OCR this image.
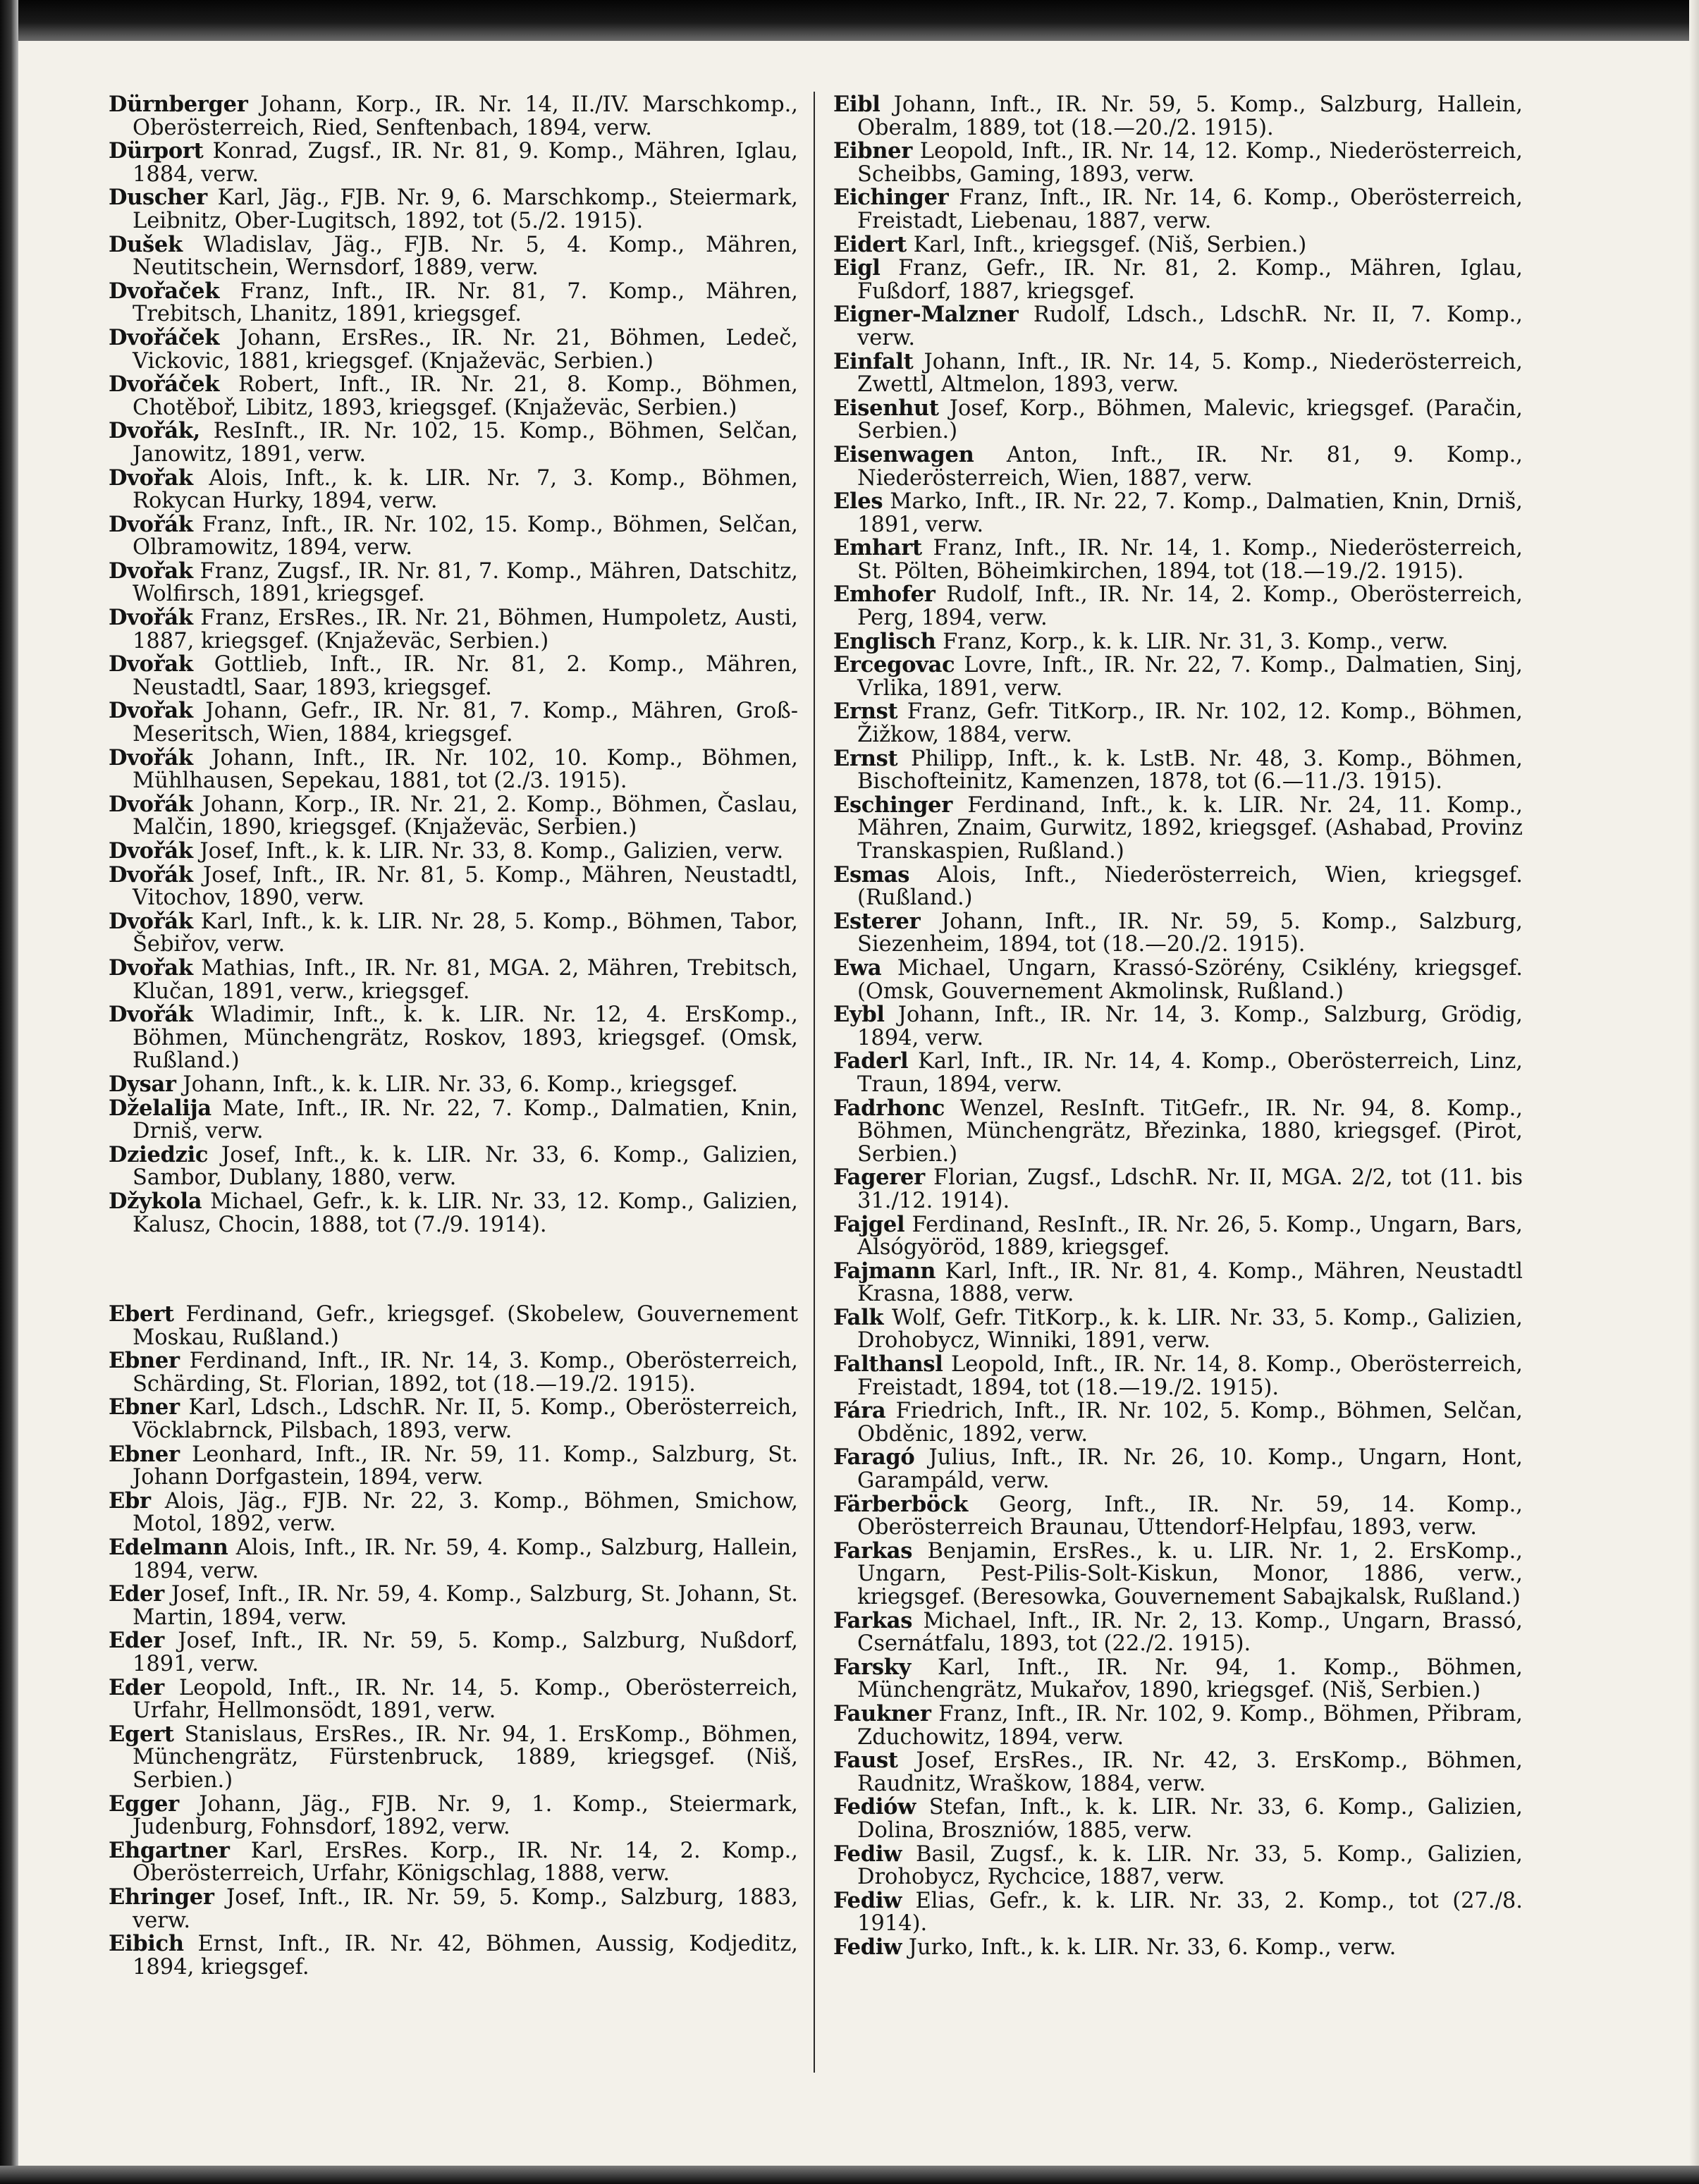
Dürnberger Johann, Korp., IR. Nr. 14, II./IV. Marschkomp., Oberösterreich, Ried, Senftenbach, 1894, verw.
Dürport Konrad, Zugsf., IR. Nr. 81, 9. Komp., Mähren, Iglau, 1884, verw.
Duscher Karl, Jäg., FJB. Nr. 9, 6. Marschkomp., Steiermark, Leibnitz, Ober-Lugitsch, 1892, tot (5./2. 1915).
Dušek Wladislav, Jäg., FJB. Nr. 5, 4. Komp., Mähren, Neutitschein, Wernsdorf, 1889, verw.
Dvořaček Franz, Inft., IR. Nr. 81, 7. Komp., Mähren, Trebitsch, Lhanitz, 1891, kriegsgef.
Dvořáček Johann, ErsRes., IR. Nr. 21, Böhmen, Ledeč, Vickovic, 1881, kriegsgef. (Knjaževäc, Serbien.)
Dvořáček Robert, Inft., IR. Nr. 21, 8. Komp., Böhmen, Chotěboř, Libitz, 1893, kriegsgef. (Knjaževäc, Serbien.)
Dvořák, ResInft., IR. Nr. 102, 15. Komp., Böhmen, Selčan, Janowitz, 1891, verw.
Dvořak Alois, Inft., k. k. LIR. Nr. 7, 3. Komp., Böhmen, Rokycan Hurky, 1894, verw.
Dvořák Franz, Inft., IR. Nr. 102, 15. Komp., Böhmen, Selčan, Olbramowitz, 1894, verw.
Dvořak Franz, Zugsf., IR. Nr. 81, 7. Komp., Mähren, Datschitz, Wolfirsch, 1891, kriegsgef.
Dvořák Franz, ErsRes., IR. Nr. 21, Böhmen, Humpoletz, Austi, 1887, kriegsgef. (Knjaževäc, Serbien.)
Dvořak Gottlieb, Inft., IR. Nr. 81, 2. Komp., Mähren, Neustadtl, Saar, 1893, kriegsgef.
Dvořak Johann, Gefr., IR. Nr. 81, 7. Komp., Mähren, Groß-Meseritsch, Wien, 1884, kriegsgef.
Dvořák Johann, Inft., IR. Nr. 102, 10. Komp., Böhmen, Mühlhausen, Sepekau, 1881, tot (2./3. 1915).
Dvořák Johann, Korp., IR. Nr. 21, 2. Komp., Böhmen, Časlau, Malčin, 1890, kriegsgef. (Knjaževäc, Serbien.)
Dvořák Josef, Inft., k. k. LIR. Nr. 33, 8. Komp., Galizien, verw.
Dvořák Josef, Inft., IR. Nr. 81, 5. Komp., Mähren, Neustadtl, Vitochov, 1890, verw.
Dvořák Karl, Inft., k. k. LIR. Nr. 28, 5. Komp., Böhmen, Tabor, Šebiřov, verw.
Dvořak Mathias, Inft., IR. Nr. 81, MGA. 2, Mähren, Trebitsch, Klučan, 1891, verw., kriegsgef.
Dvořák Wladimir, Inft., k. k. LIR. Nr. 12, 4. ErsKomp., Böhmen, Münchengrätz, Roskov, 1893, kriegsgef. (Omsk, Rußland.)
Dysar Johann, Inft., k. k. LIR. Nr. 33, 6. Komp., kriegsgef.
Dželalija Mate, Inft., IR. Nr. 22, 7. Komp., Dalmatien, Knin, Drniš, verw.
Dziedzic Josef, Inft., k. k. LIR. Nr. 33, 6. Komp., Galizien, Sambor, Dublany, 1880, verw.
Džykola Michael, Gefr., k. k. LIR. Nr. 33, 12. Komp., Galizien, Kalusz, Chocin, 1888, tot (7./9. 1914).
Ebert Ferdinand, Gefr., kriegsgef. (Skobelew, Gouvernement Moskau, Rußland.)
Ebner Ferdinand, Inft., IR. Nr. 14, 3. Komp., Oberösterreich, Schärding, St. Florian, 1892, tot (18.—19./2. 1915).
Ebner Karl, Ldsch., LdschR. Nr. II, 5. Komp., Oberösterreich, Vöcklabrnck, Pilsbach, 1893, verw.
Ebner Leonhard, Inft., IR. Nr. 59, 11. Komp., Salzburg, St. Johann Dorfgastein, 1894, verw.
Ebr Alois, Jäg., FJB. Nr. 22, 3. Komp., Böhmen, Smichow, Motol, 1892, verw.
Edelmann Alois, Inft., IR. Nr. 59, 4. Komp., Salzburg, Hallein, 1894, verw.
Eder Josef, Inft., IR. Nr. 59, 4. Komp., Salzburg, St. Johann, St. Martin, 1894, verw.
Eder Josef, Inft., IR. Nr. 59, 5. Komp., Salzburg, Nußdorf, 1891, verw.
Eder Leopold, Inft., IR. Nr. 14, 5. Komp., Oberösterreich, Urfahr, Hellmonsödt, 1891, verw.
Egert Stanislaus, ErsRes., IR. Nr. 94, 1. ErsKomp., Böhmen, Münchengrätz, Fürstenbruck, 1889, kriegsgef. (Niš, Serbien.)
Egger Johann, Jäg., FJB. Nr. 9, 1. Komp., Steiermark, Judenburg, Fohnsdorf, 1892, verw.
Ehgartner Karl, ErsRes. Korp., IR. Nr. 14, 2. Komp., Oberösterreich, Urfahr, Königschlag, 1888, verw.
Ehringer Josef, Inft., IR. Nr. 59, 5. Komp., Salzburg, 1883, verw.
Eibich Ernst, Inft., IR. Nr. 42, Böhmen, Aussig, Kodjeditz, 1894, kriegsgef.
Eibl Johann, Inft., IR. Nr. 59, 5. Komp., Salzburg, Hallein, Oberalm, 1889, tot (18.—20./2. 1915).
Eibner Leopold, Inft., IR. Nr. 14, 12. Komp., Niederösterreich, Scheibbs, Gaming, 1893, verw.
Eichinger Franz, Inft., IR. Nr. 14, 6. Komp., Oberösterreich, Freistadt, Liebenau, 1887, verw.
Eidert Karl, Inft., kriegsgef. (Niš, Serbien.)
Eigl Franz, Gefr., IR. Nr. 81, 2. Komp., Mähren, Iglau, Fußdorf, 1887, kriegsgef.
Eigner-Malzner Rudolf, Ldsch., LdschR. Nr. II, 7. Komp., verw.
Einfalt Johann, Inft., IR. Nr. 14, 5. Komp., Niederösterreich, Zwettl, Altmelon, 1893, verw.
Eisenhut Josef, Korp., Böhmen, Malevic, kriegsgef. (Paračin, Serbien.)
Eisenwagen Anton, Inft., IR. Nr. 81, 9. Komp., Niederösterreich, Wien, 1887, verw.
Eles Marko, Inft., IR. Nr. 22, 7. Komp., Dalmatien, Knin, Drniš, 1891, verw.
Emhart Franz, Inft., IR. Nr. 14, 1. Komp., Niederösterreich, St. Pölten, Böheimkirchen, 1894, tot (18.—19./2. 1915).
Emhofer Rudolf, Inft., IR. Nr. 14, 2. Komp., Oberösterreich, Perg, 1894, verw.
Englisch Franz, Korp., k. k. LIR. Nr. 31, 3. Komp., verw.
Ercegovac Lovre, Inft., IR. Nr. 22, 7. Komp., Dalmatien, Sinj, Vrlika, 1891, verw.
Ernst Franz, Gefr. TitKorp., IR. Nr. 102, 12. Komp., Böhmen, Žižkow, 1884, verw.
Ernst Philipp, Inft., k. k. LstB. Nr. 48, 3. Komp., Böhmen, Bischofteinitz, Kamenzen, 1878, tot (6.—11./3. 1915).
Eschinger Ferdinand, Inft., k. k. LIR. Nr. 24, 11. Komp., Mähren, Znaim, Gurwitz, 1892, kriegsgef. (Ashabad, Provinz Transkaspien, Rußland.)
Esmas Alois, Inft., Niederösterreich, Wien, kriegsgef. (Rußland.)
Esterer Johann, Inft., IR. Nr. 59, 5. Komp., Salzburg, Siezenheim, 1894, tot (18.—20./2. 1915).
Ewa Michael, Ungarn, Krassó-Szörény, Csiklény, kriegsgef. (Omsk, Gouvernement Akmolinsk, Rußland.)
Eybl Johann, Inft., IR. Nr. 14, 3. Komp., Salzburg, Grödig, 1894, verw.
Faderl Karl, Inft., IR. Nr. 14, 4. Komp., Oberösterreich, Linz, Traun, 1894, verw.
Fadrhonc Wenzel, ResInft. TitGefr., IR. Nr. 94, 8. Komp., Böhmen, Münchengrätz, Březinka, 1880, kriegsgef. (Pirot, Serbien.)
Fagerer Florian, Zugsf., LdschR. Nr. II, MGA. 2/2, tot (11. bis 31./12. 1914).
Fajgel Ferdinand, ResInft., IR. Nr. 26, 5. Komp., Ungarn, Bars, Alsógyöröd, 1889, kriegsgef.
Fajmann Karl, Inft., IR. Nr. 81, 4. Komp., Mähren, Neustadtl Krasna, 1888, verw.
Falk Wolf, Gefr. TitKorp., k. k. LIR. Nr. 33, 5. Komp., Galizien, Drohobycz, Winniki, 1891, verw.
Falthansl Leopold, Inft., IR. Nr. 14, 8. Komp., Oberösterreich, Freistadt, 1894, tot (18.—19./2. 1915).
Fára Friedrich, Inft., IR. Nr. 102, 5. Komp., Böhmen, Selčan, Obděnic, 1892, verw.
Faragó Julius, Inft., IR. Nr. 26, 10. Komp., Ungarn, Hont, Garampáld, verw.
Färberböck Georg, Inft., IR. Nr. 59, 14. Komp., Oberösterreich Braunau, Uttendorf-Helpfau, 1893, verw.
Farkas Benjamin, ErsRes., k. u. LIR. Nr. 1, 2. ErsKomp., Ungarn, Pest-Pilis-Solt-Kiskun, Monor, 1886, verw., kriegsgef. (Beresowka, Gouvernement Sabajkalsk, Rußland.)
Farkas Michael, Inft., IR. Nr. 2, 13. Komp., Ungarn, Brassó, Csernátfalu, 1893, tot (22./2. 1915).
Farsky Karl, Inft., IR. Nr. 94, 1. Komp., Böhmen, Münchengrätz, Mukařov, 1890, kriegsgef. (Niš, Serbien.)
Faukner Franz, Inft., IR. Nr. 102, 9. Komp., Böhmen, Přibram, Zduchowitz, 1894, verw.
Faust Josef, ErsRes., IR. Nr. 42, 3. ErsKomp., Böhmen, Raudnitz, Wraškow, 1884, verw.
Fediów Stefan, Inft., k. k. LIR. Nr. 33, 6. Komp., Galizien, Dolina, Broszniów, 1885, verw.
Fediw Basil, Zugsf., k. k. LIR. Nr. 33, 5. Komp., Galizien, Drohobycz, Rychcice, 1887, verw.
Fediw Elias, Gefr., k. k. LIR. Nr. 33, 2. Komp., tot (27./8. 1914).
Fediw Jurko, Inft., k. k. LIR. Nr. 33, 6. Komp., verw.
